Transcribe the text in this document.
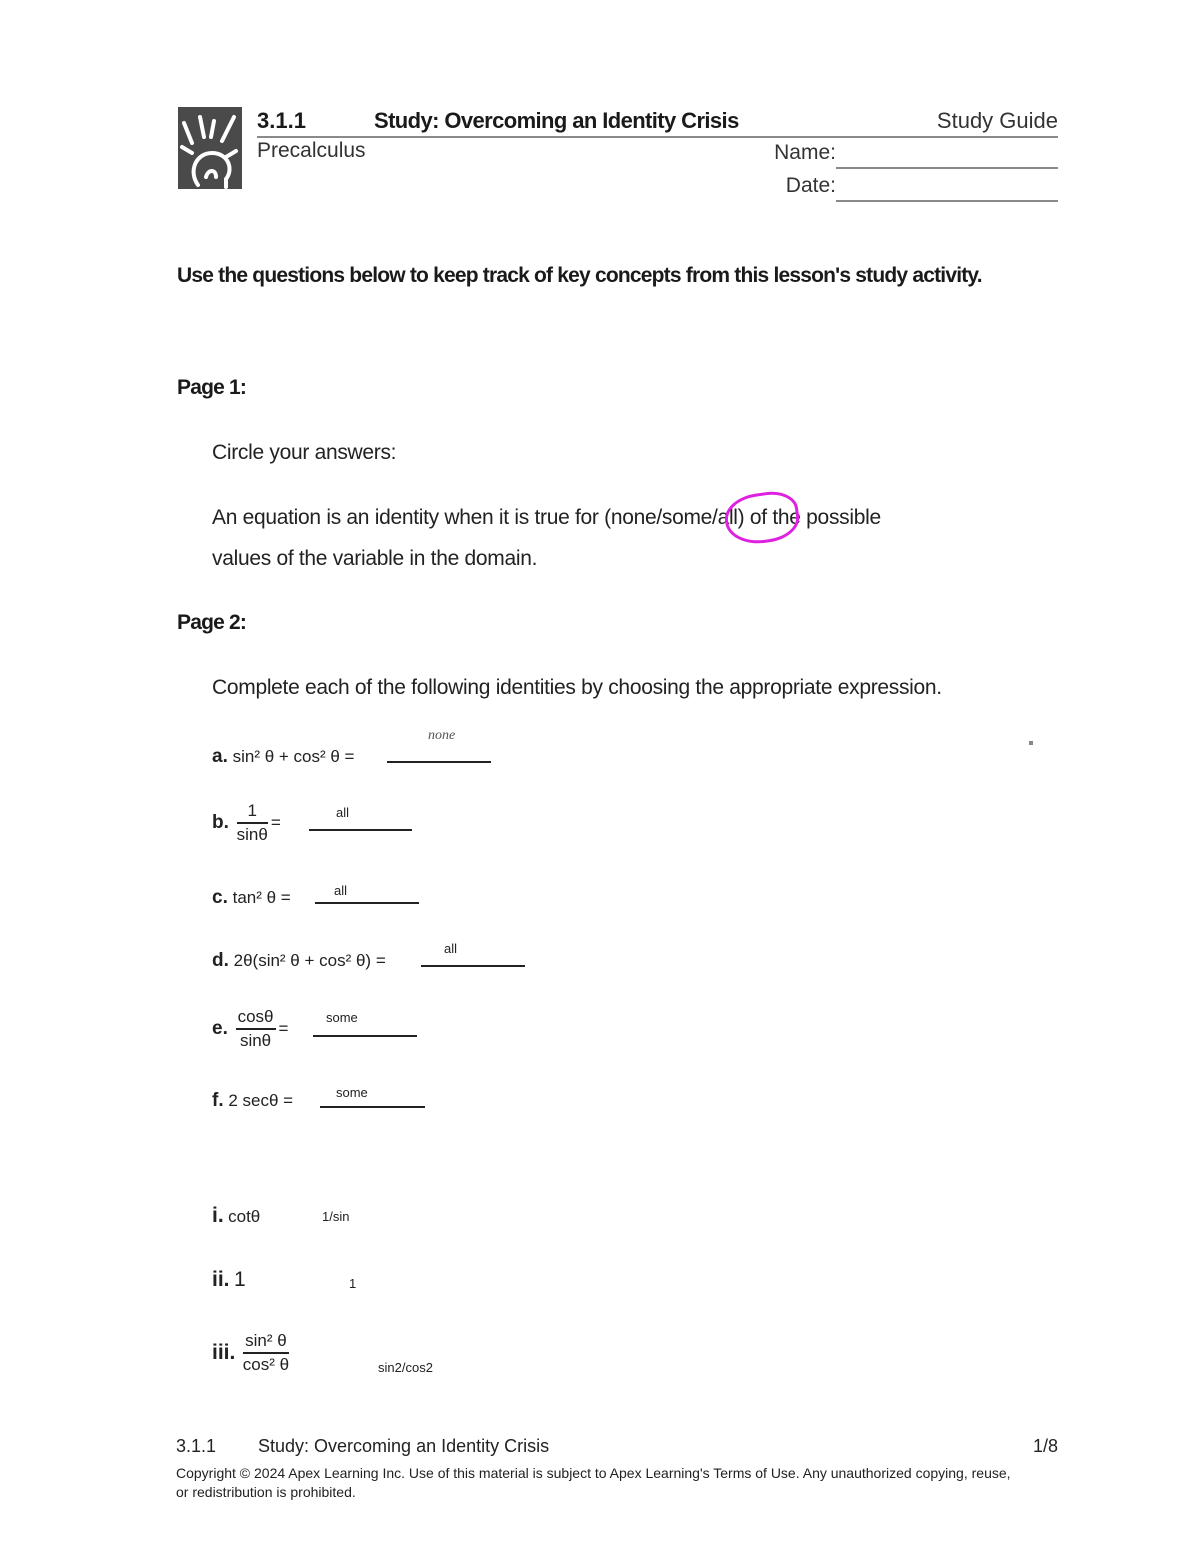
3.1.1	Study: Overcoming an Identity Crisis	Study Guide
Precalculus	Name:
Date:
Use the questions below to keep track of key concepts from this lesson's study activity.
Page 1:
Circle your answers:
An equation is an identity when it is true for (none/some/all) of the possible
values of the variable in the domain.
Page 2:
Complete each of the following identities by choosing the appropriate expression.
a. sin² θ + cos² θ =
none
b. $\frac{1}{\sin\theta}$ =
all
c. tan² θ =	all
d. 2θ(sin² θ + cos² θ) =
all
e. $\frac{\cos\theta}{\sin\theta}$ =
some
f. 2 secθ =	some
i. cotθ	1/sin
ii. 1	1
iii. $\frac{\text{sin² θ}}{\text{cos² θ}}$	sin2/cos2
3.1.1 Study: Overcoming an Identity Crisis	1/8
Copyright © 2024 Apex Learning Inc. Use of this material is subject to Apex Learning's Terms of Use. Any unauthorized copying, reuse, or redistribution is prohibited.
